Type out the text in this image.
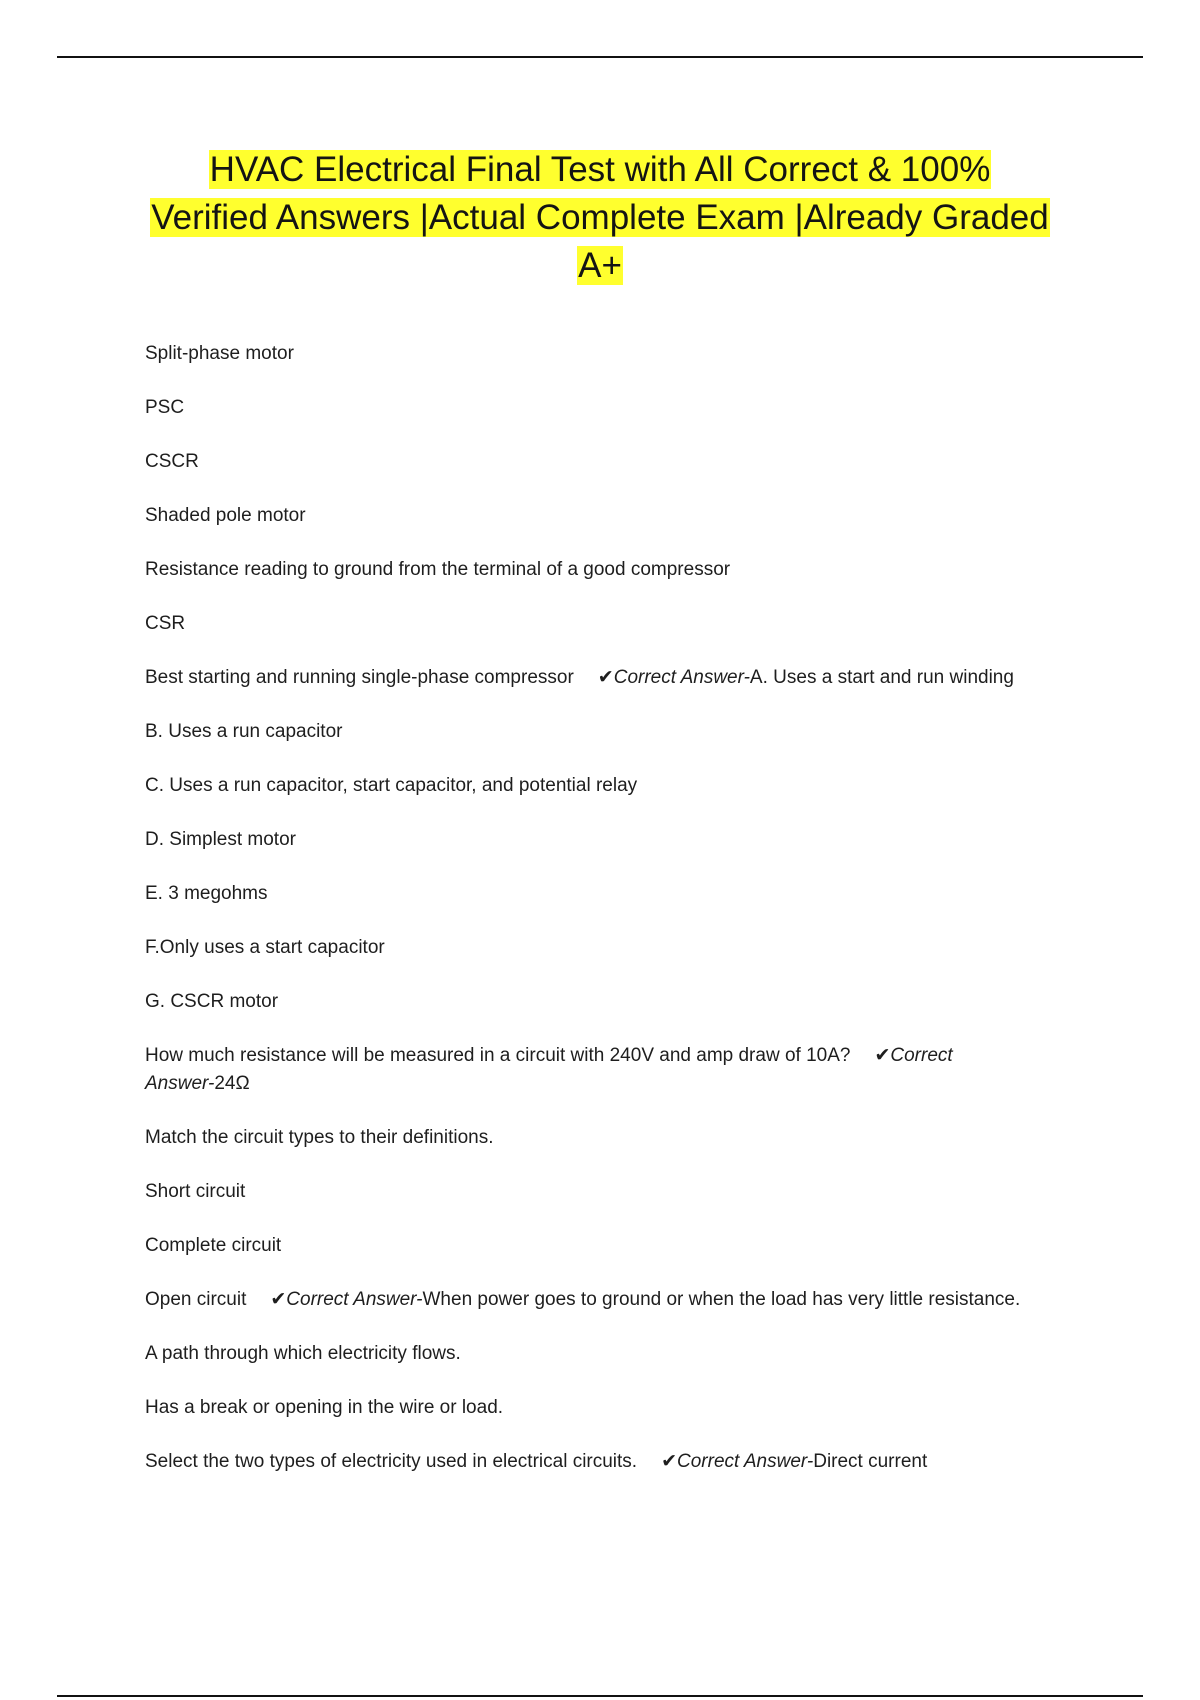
HVAC Electrical Final Test with All Correct & 100% Verified Answers |Actual Complete Exam |Already Graded A+

Split-phase motor

PSC

CSCR

Shaded pole motor

Resistance reading to ground from the terminal of a good compressor

CSR

Best starting and running single-phase compressor ✔Correct Answer-A. Uses a start and run winding

B. Uses a run capacitor

C. Uses a run capacitor, start capacitor, and potential relay

D. Simplest motor

E. 3 megohms

F.Only uses a start capacitor

G. CSCR motor

How much resistance will be measured in a circuit with 240V and amp draw of 10A? ✔Correct Answer-24Ω

Match the circuit types to their definitions.

Short circuit

Complete circuit

Open circuit ✔Correct Answer-When power goes to ground or when the load has very little resistance.

A path through which electricity flows.

Has a break or opening in the wire or load.

Select the two types of electricity used in electrical circuits. ✔Correct Answer-Direct current
